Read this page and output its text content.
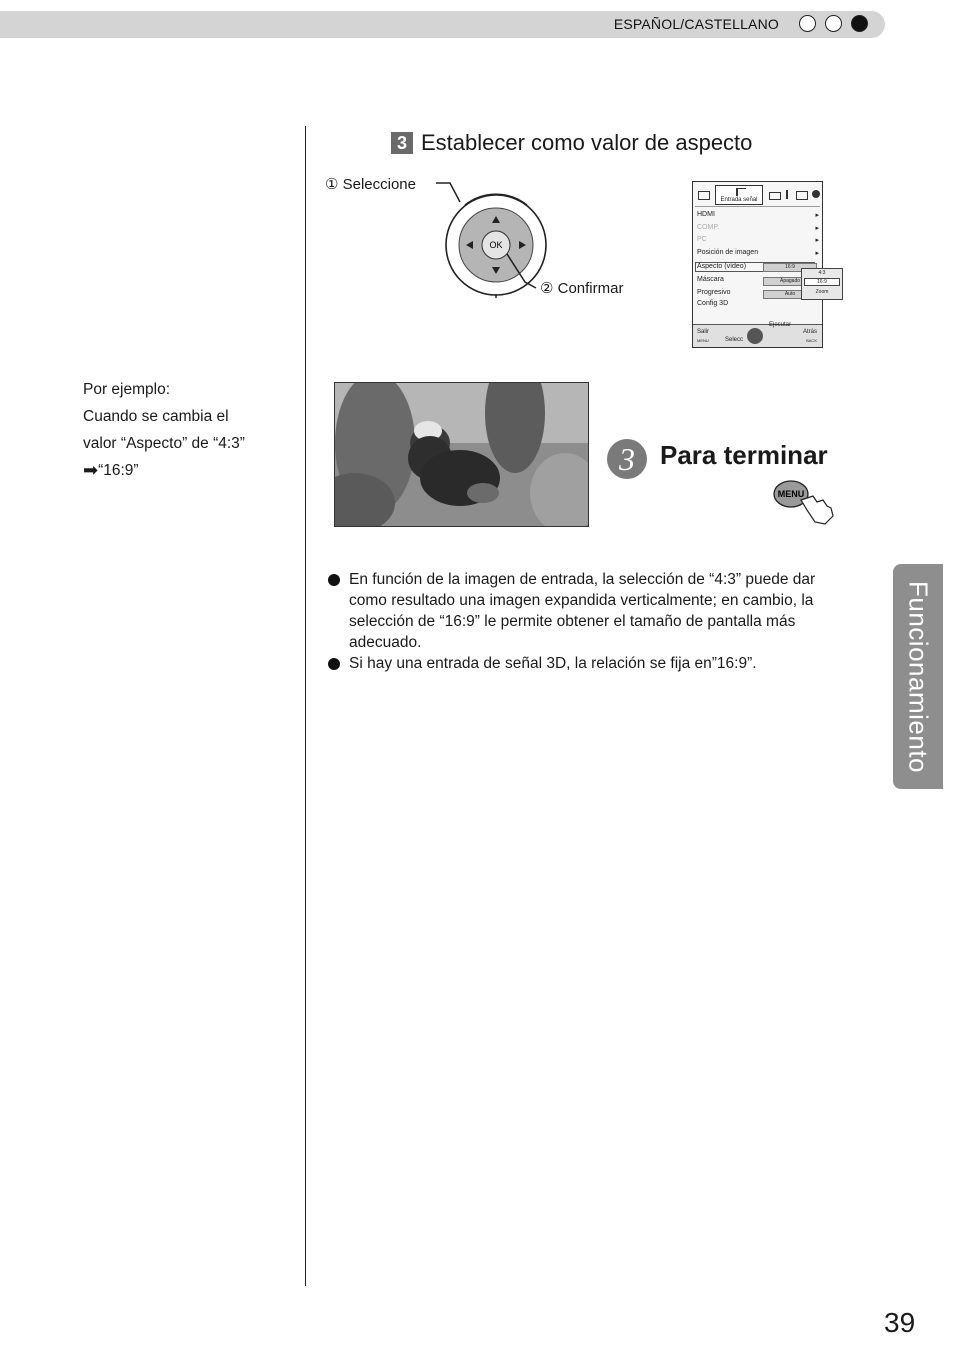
ESPAÑOL/CASTELLANO
Por ejemplo:
Cuando se cambia el
valor “Aspecto” de “4:3”
➡“16:9”
3 Establecer como valor de aspecto
OK
① Seleccione
② Confirmar
Entrada señal
HDMI	▸
COMP.	▸
PC	▸
Posición de imagen	▸
Aspecto (vídeo)	16:9
Máscara	Apagado
Progresivo	Auto
Config 3D
4:3
16:9
Zoom
Salir
MENU	Selecc
Ejecutar
Atrás
BACK
3 Para terminar
MENU

En función de la imagen de entrada, la selección de “4:3” puede dar como resultado una imagen expandida verticalmente; en cambio, la selección de “16:9” le permite obtener el tamaño de pantalla más adecuado.

Si hay una entrada de señal 3D, la relación se fija en”16:9”.	Funcionamiento
39
